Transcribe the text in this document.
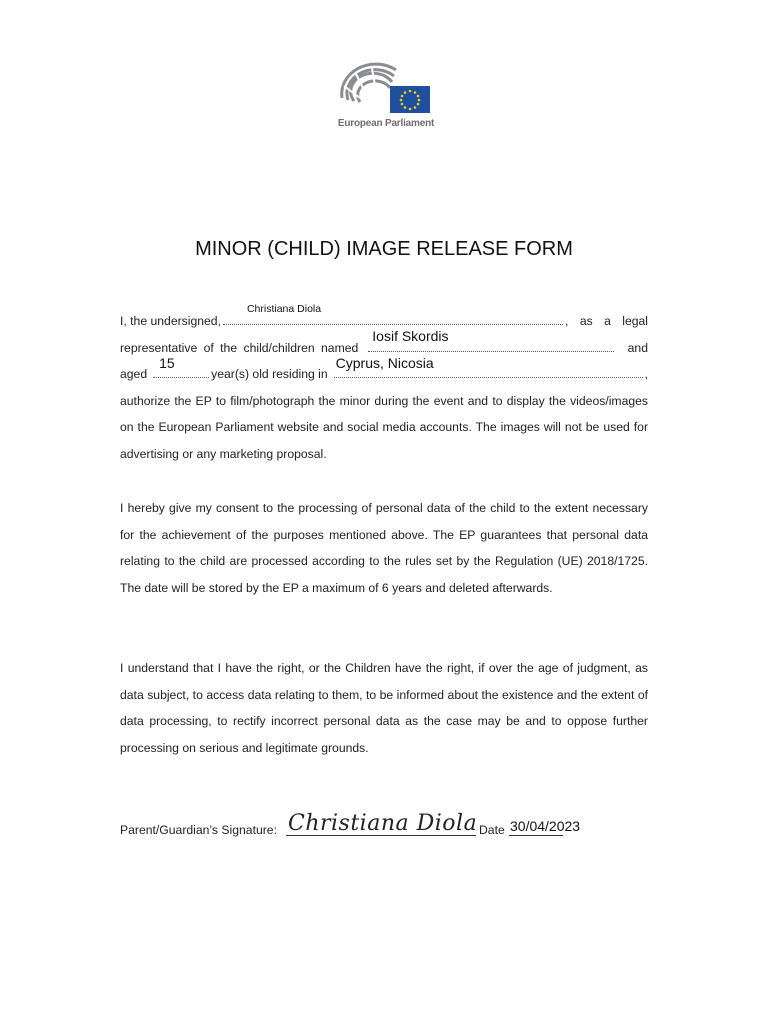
European Parliament
MINOR (CHILD) IMAGE RELEASE FORM
I, the undersigned,
Christiana Diola
, as a legal
representative of the child/children named
Iosif Skordis
and
aged
15
year(s) old residing in
Cyprus, Nicosia
,
authorize the EP to film/photograph the minor during the event and to display the videos/images on the European Parliament website and social media accounts. The images will not be used for advertising or any marketing proposal.
I hereby give my consent to the processing of personal data of the child to the extent necessary for the achievement of the purposes mentioned above. The EP guarantees that personal data relating to the child are processed according to the rules set by the Regulation (UE) 2018/1725. The date will be stored by the EP a maximum of 6 years and deleted afterwards.
I understand that I have the right, or the Children have the right, if over the age of judgment, as data subject, to access data relating to them, to be informed about the existence and the extent of data processing, to rectify incorrect personal data as the case may be and to oppose further processing on serious and legitimate grounds.
Parent/Guardian’s Signature: Christiana Diola Date 30/04/2023
